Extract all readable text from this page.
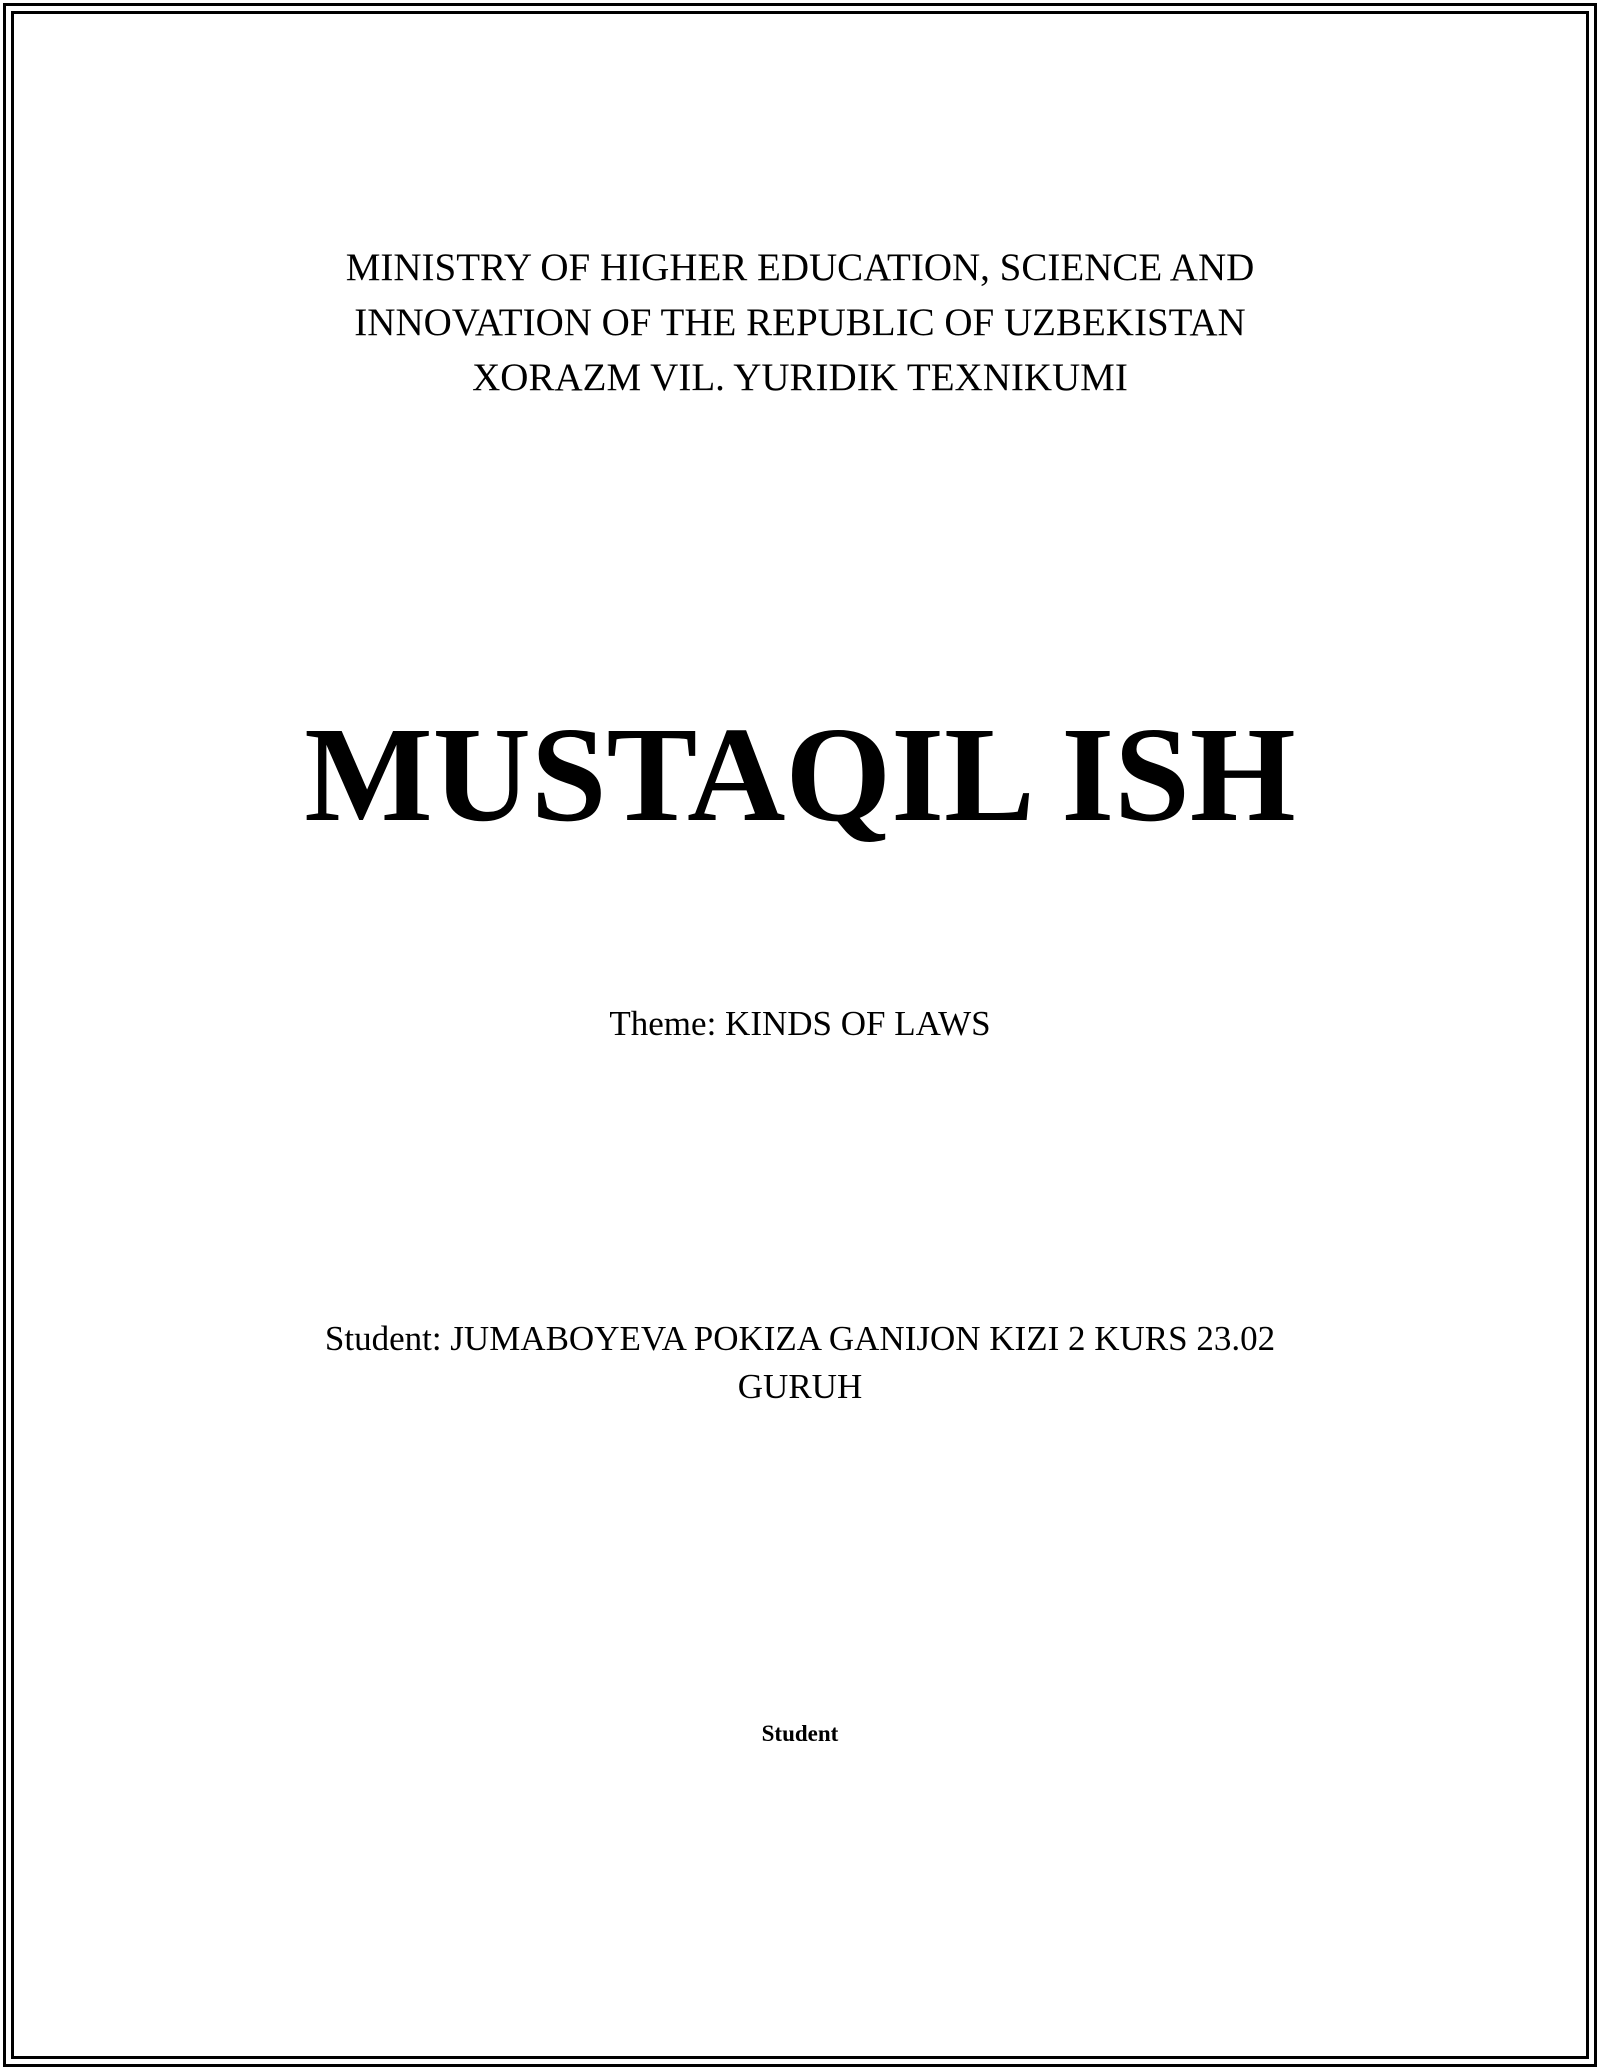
MINISTRY OF HIGHER EDUCATION, SCIENCE AND
INNOVATION OF THE REPUBLIC OF UZBEKISTAN
XORAZM VIL. YURIDIK TEXNIKUMI
MUSTAQIL ISH
Theme: KINDS OF LAWS
Student: JUMABOYEVA POKIZA GANIJON KIZI 2 KURS 23.02
GURUH
Student
